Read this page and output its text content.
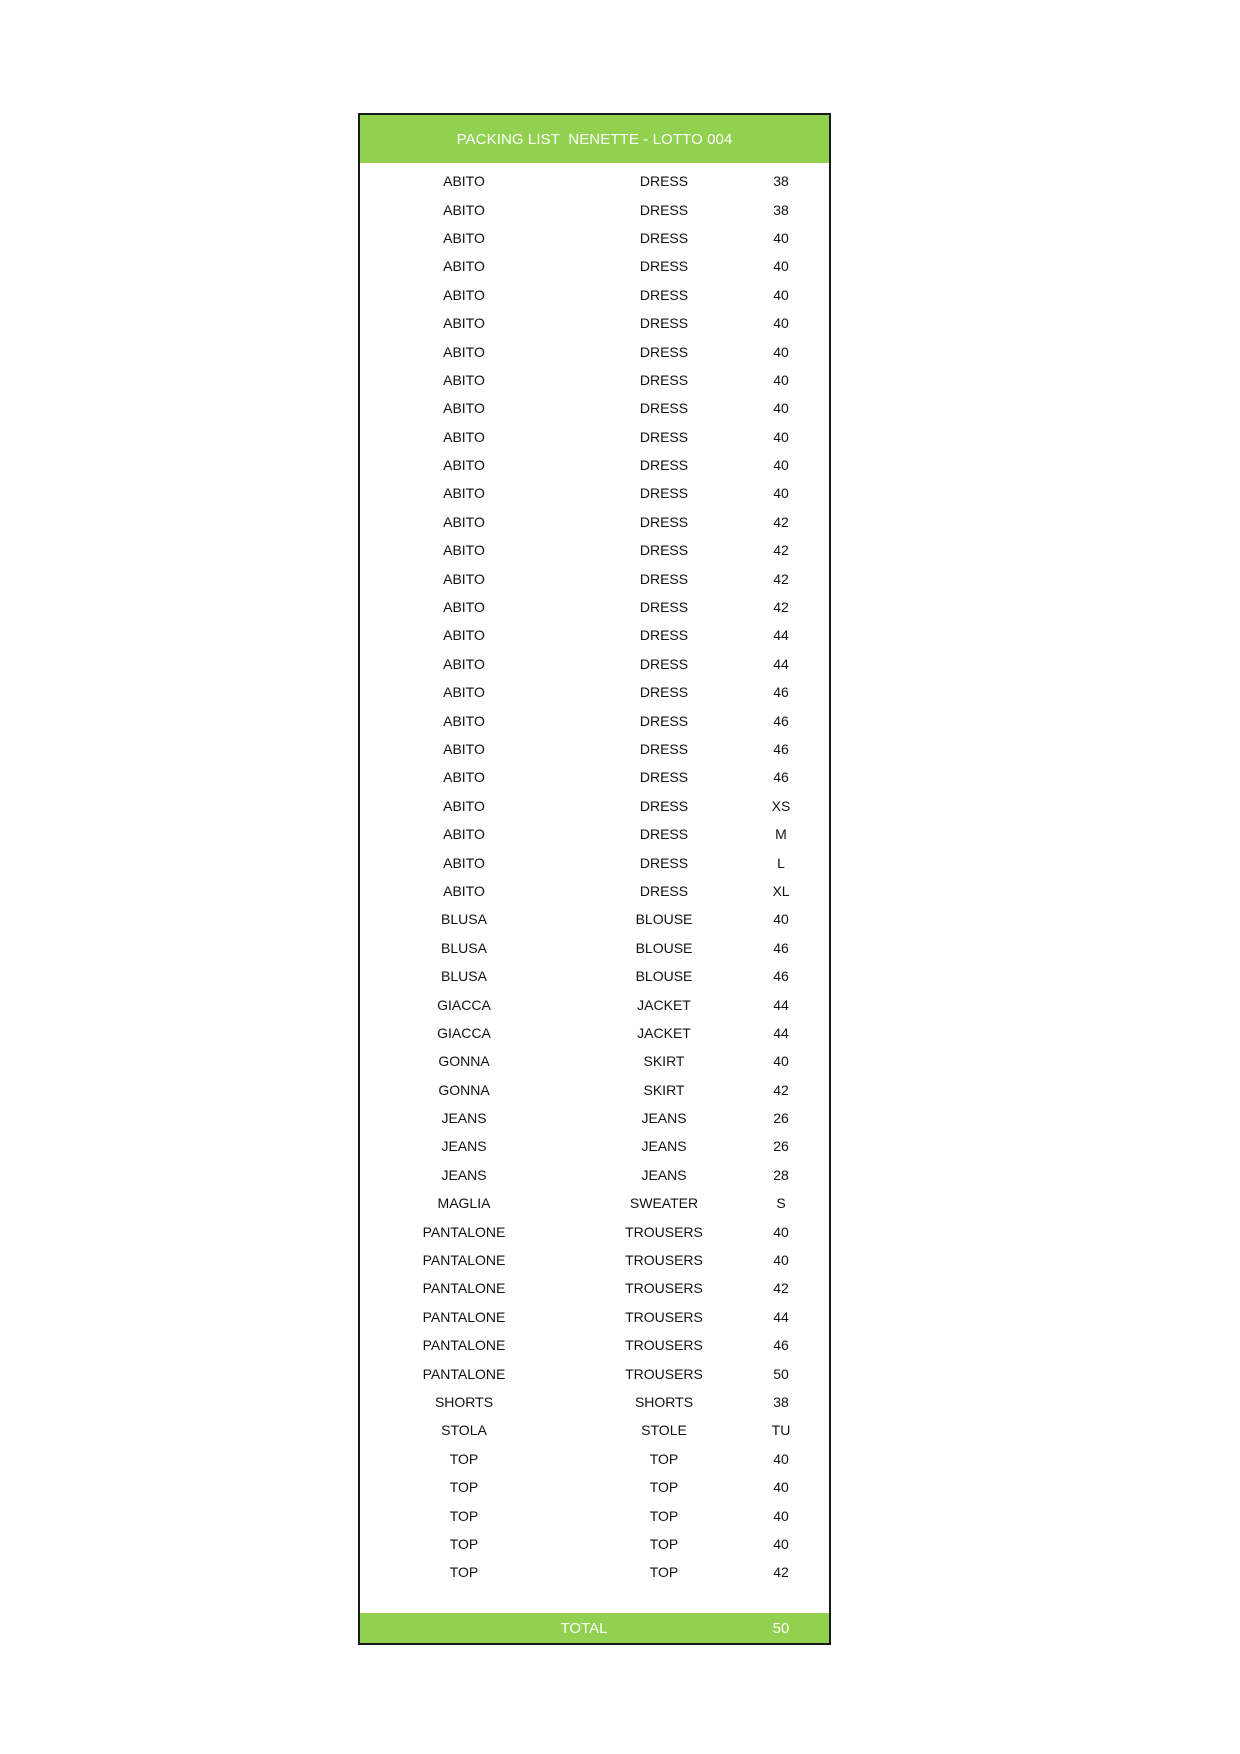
PACKING LIST  NENETTE - LOTTO 004
ABITO	DRESS	38
ABITO	DRESS	38
ABITO	DRESS	40
ABITO	DRESS	40
ABITO	DRESS	40
ABITO	DRESS	40
ABITO	DRESS	40
ABITO	DRESS	40
ABITO	DRESS	40
ABITO	DRESS	40
ABITO	DRESS	40
ABITO	DRESS	40
ABITO	DRESS	42
ABITO	DRESS	42
ABITO	DRESS	42
ABITO	DRESS	42
ABITO	DRESS	44
ABITO	DRESS	44
ABITO	DRESS	46
ABITO	DRESS	46
ABITO	DRESS	46
ABITO	DRESS	46
ABITO	DRESS	XS
ABITO	DRESS	M
ABITO	DRESS	L
ABITO	DRESS	XL
BLUSA	BLOUSE	40
BLUSA	BLOUSE	46
BLUSA	BLOUSE	46
GIACCA	JACKET	44
GIACCA	JACKET	44
GONNA	SKIRT	40
GONNA	SKIRT	42
JEANS	JEANS	26
JEANS	JEANS	26
JEANS	JEANS	28
MAGLIA	SWEATER	S
PANTALONE	TROUSERS	40
PANTALONE	TROUSERS	40
PANTALONE	TROUSERS	42
PANTALONE	TROUSERS	44
PANTALONE	TROUSERS	46
PANTALONE	TROUSERS	50
SHORTS	SHORTS	38
STOLA	STOLE	TU
TOP	TOP	40
TOP	TOP	40
TOP	TOP	40
TOP	TOP	40
TOP	TOP	42
TOTAL	50
